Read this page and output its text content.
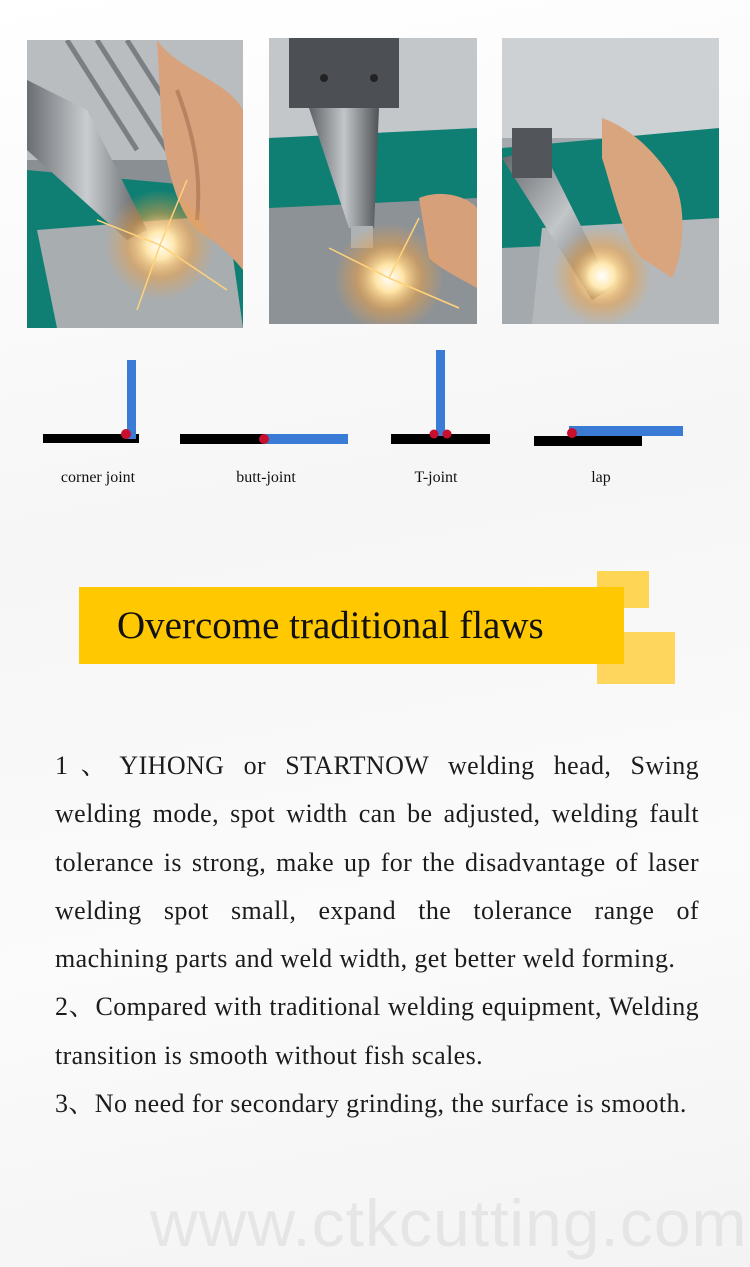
corner joint	butt-joint	T-joint	lap
Overcome traditional flaws

1、YIHONG or STARTNOW welding head, Swing welding mode, spot width can be adjusted, welding fault tolerance is strong, make up for the disadvantage of laser welding spot small, expand the tolerance range of machining parts and weld width, get better weld forming.

2、Compared with traditional welding equipment, Welding transition is smooth without fish scales.

3、No need for secondary grinding, the surface is smooth.

www.ctkcutting.com
